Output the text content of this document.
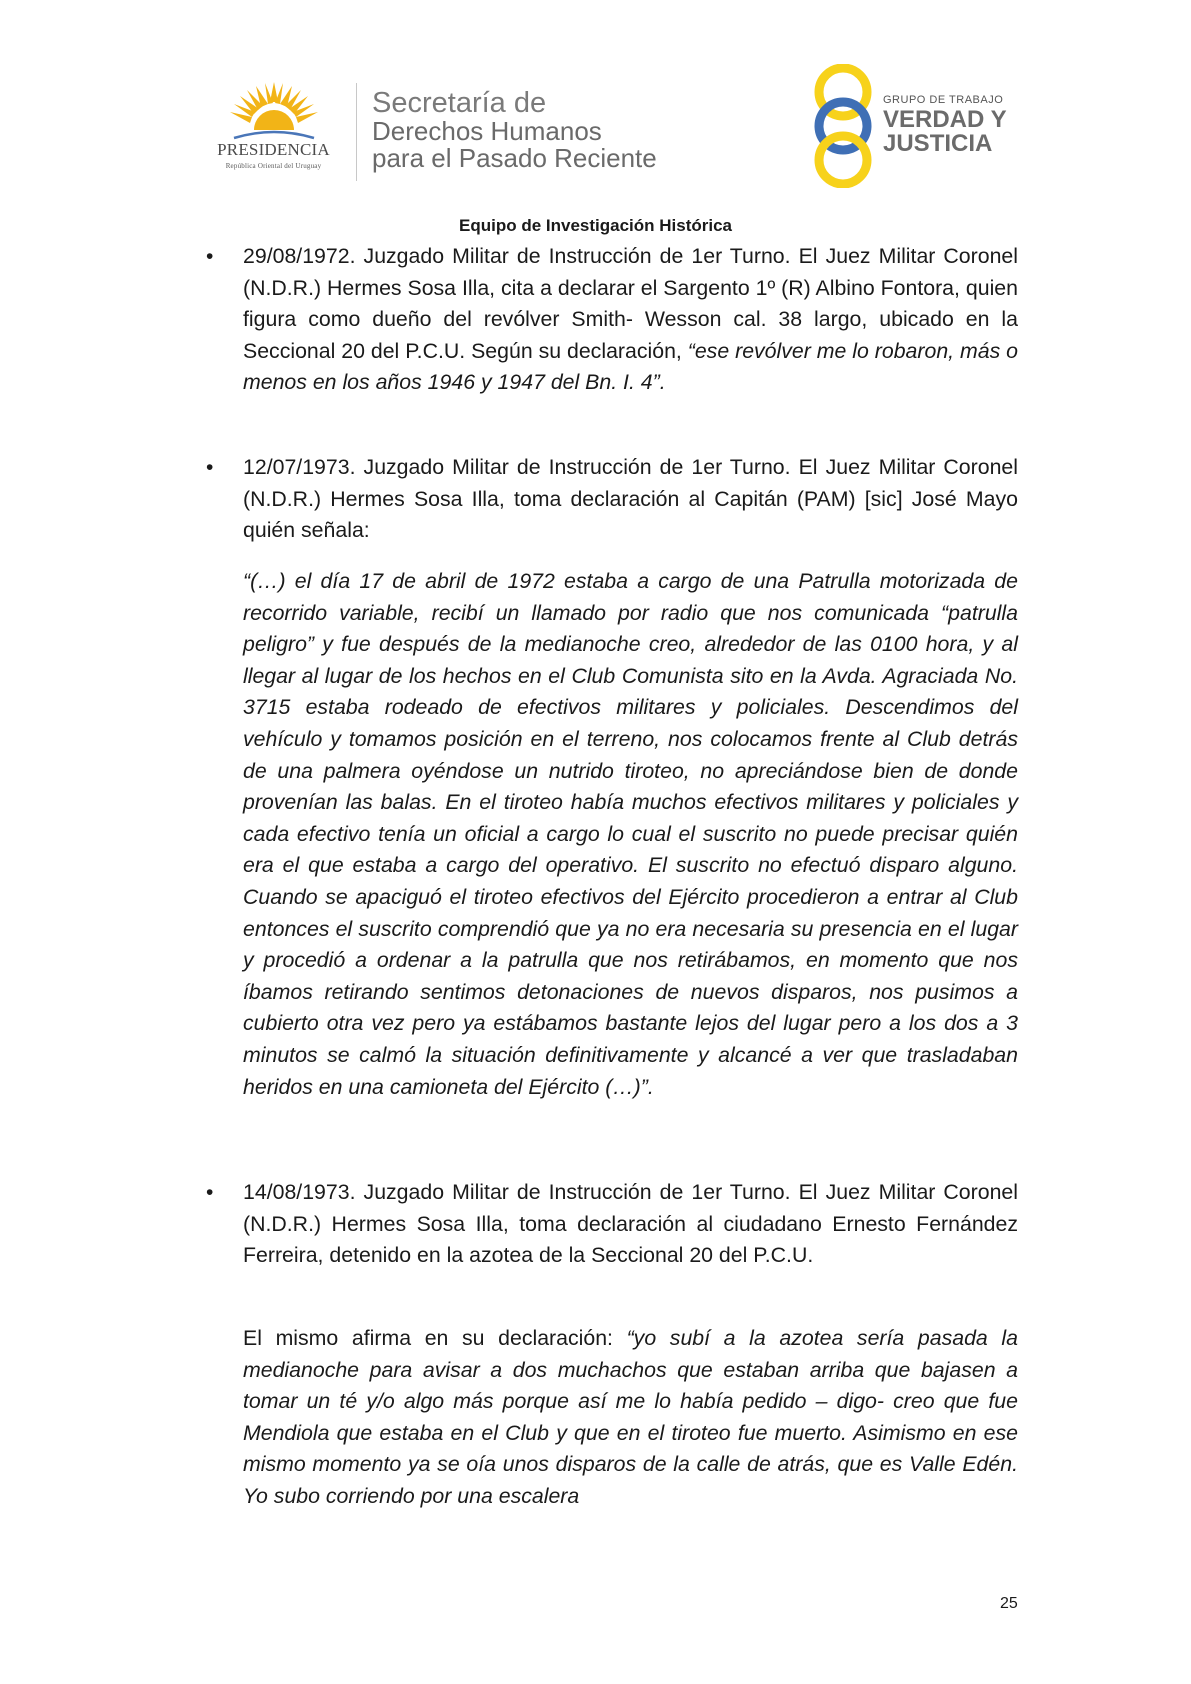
PRESIDENCIA
República Oriental del Uruguay
Secretaría de
Derechos Humanos
para el Pasado Reciente
GRUPO DE TRABAJO
VERDAD Y
JUSTICIA
Equipo de Investigación Histórica
• 29/08/1972. Juzgado Militar de Instrucción de 1er Turno. El Juez Militar Coronel (N.D.R.) Hermes Sosa Illa, cita a declarar el Sargento 1º (R) Albino Fontora, quien figura como dueño del revólver Smith- Wesson cal. 38 largo, ubicado en la Seccional 20 del P.C.U. Según su declaración, “ese revólver me lo robaron, más o menos en los años 1946 y 1947 del Bn. I. 4”.
• 12/07/1973. Juzgado Militar de Instrucción de 1er Turno. El Juez Militar Coronel (N.D.R.) Hermes Sosa Illa, toma declaración al Capitán (PAM) [sic] José Mayo quién señala:
“(…) el día 17 de abril de 1972 estaba a cargo de una Patrulla motorizada de recorrido variable, recibí un llamado por radio que nos comunicada “patrulla peligro” y fue después de la medianoche creo, alrededor de las 0100 hora, y al llegar al lugar de los hechos en el Club Comunista sito en la Avda. Agraciada No. 3715 estaba rodeado de efectivos militares y policiales. Descendimos del vehículo y tomamos posición en el terreno, nos colocamos frente al Club detrás de una palmera oyéndose un nutrido tiroteo, no apreciándose bien de donde provenían las balas. En el tiroteo había muchos efectivos militares y policiales y cada efectivo tenía un oficial a cargo lo cual el suscrito no puede precisar quién era el que estaba a cargo del operativo. El suscrito no efectuó disparo alguno. Cuando se apaciguó el tiroteo efectivos del Ejército procedieron a entrar al Club entonces el suscrito comprendió que ya no era necesaria su presencia en el lugar y procedió a ordenar a la patrulla que nos retirábamos, en momento que nos íbamos retirando sentimos detonaciones de nuevos disparos, nos pusimos a cubierto otra vez pero ya estábamos bastante lejos del lugar pero a los dos a 3 minutos se calmó la situación definitivamente y alcancé a ver que trasladaban heridos en una camioneta del Ejército (…)”.
• 14/08/1973. Juzgado Militar de Instrucción de 1er Turno. El Juez Militar Coronel (N.D.R.) Hermes Sosa Illa, toma declaración al ciudadano Ernesto Fernández Ferreira, detenido en la azotea de la Seccional 20 del P.C.U.
El mismo afirma en su declaración: “yo subí a la azotea sería pasada la medianoche para avisar a dos muchachos que estaban arriba que bajasen a tomar un té y/o algo más porque así me lo había pedido – digo- creo que fue Mendiola que estaba en el Club y que en el tiroteo fue muerto. Asimismo en ese mismo momento ya se oía unos disparos de la calle de atrás, que es Valle Edén. Yo subo corriendo por una escalera
25
